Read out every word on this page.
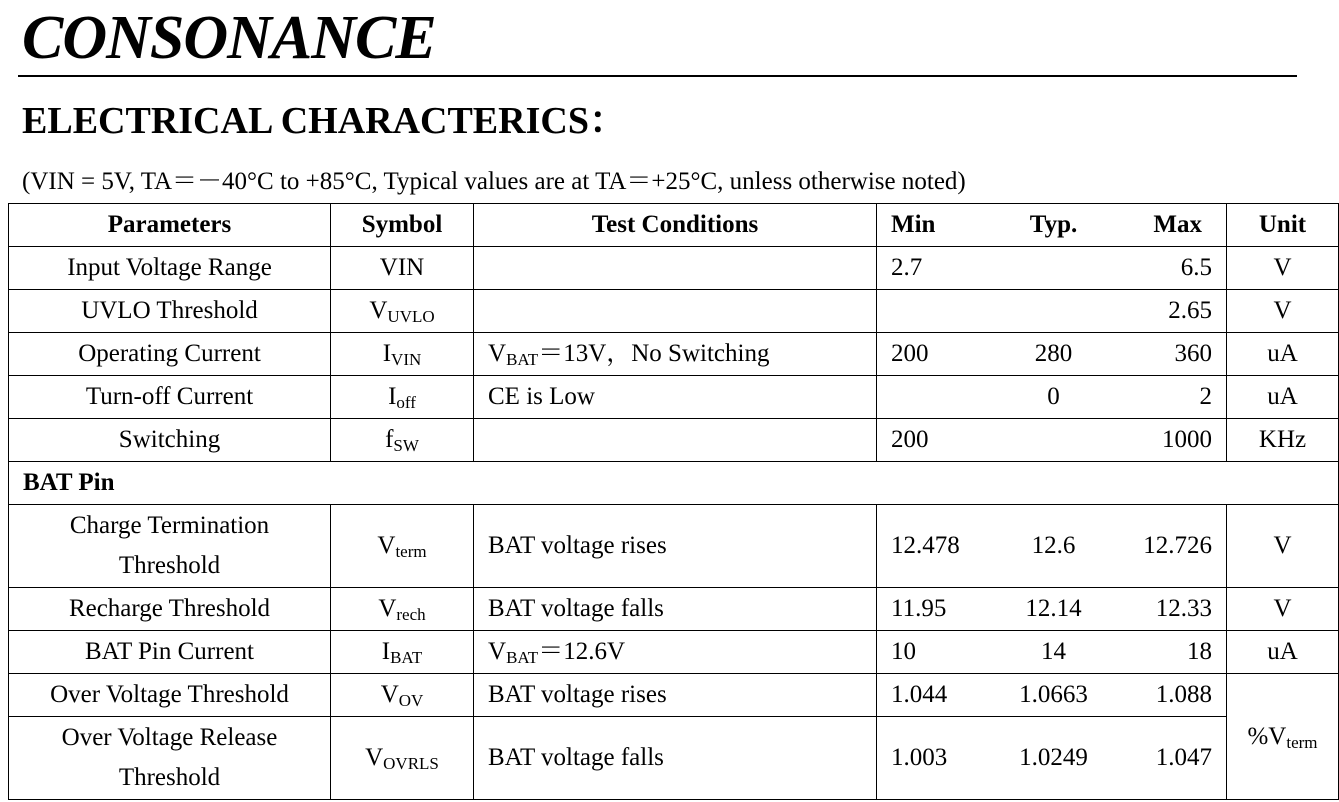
CONSONANCE
ELECTRICAL CHARACTERICS：
(VIN = 5V, TA＝－40°C to +85°C, Typical values are at TA＝+25°C, unless otherwise noted)
Parameters	Symbol	Test Conditions	Min	Typ.	Max	Unit
Input Voltage Range	VIN		2.7		6.5	V
UVLO Threshold	$V_{UVLO}$				2.65	V
Operating Current	$I_{VIN}$	$V_{BAT}=13V$，No Switching	200	280	360	uA
Turn-off Current	$I_{off}$	CE is Low		0	2	uA
Switching	$f_{SW}$		200		1000	KHz
BAT Pin						
Charge Termination Threshold	$V_{term}$	BAT voltage rises	12.478	12.6	12.726	V
Recharge Threshold	$V_{rech}$	BAT voltage falls	11.95	12.14	12.33	V
BAT Pin Current	$I_{BAT}$	$V_{BAT}=12.6V$	10	14	18	uA
Over Voltage Threshold	$V_{OV}$	BAT voltage rises	1.044	1.0663	1.088	$\%V_{term}$
Over Voltage Release Threshold	$V_{OVRLS}$	BAT voltage falls	1.003	1.0249	1.047	
